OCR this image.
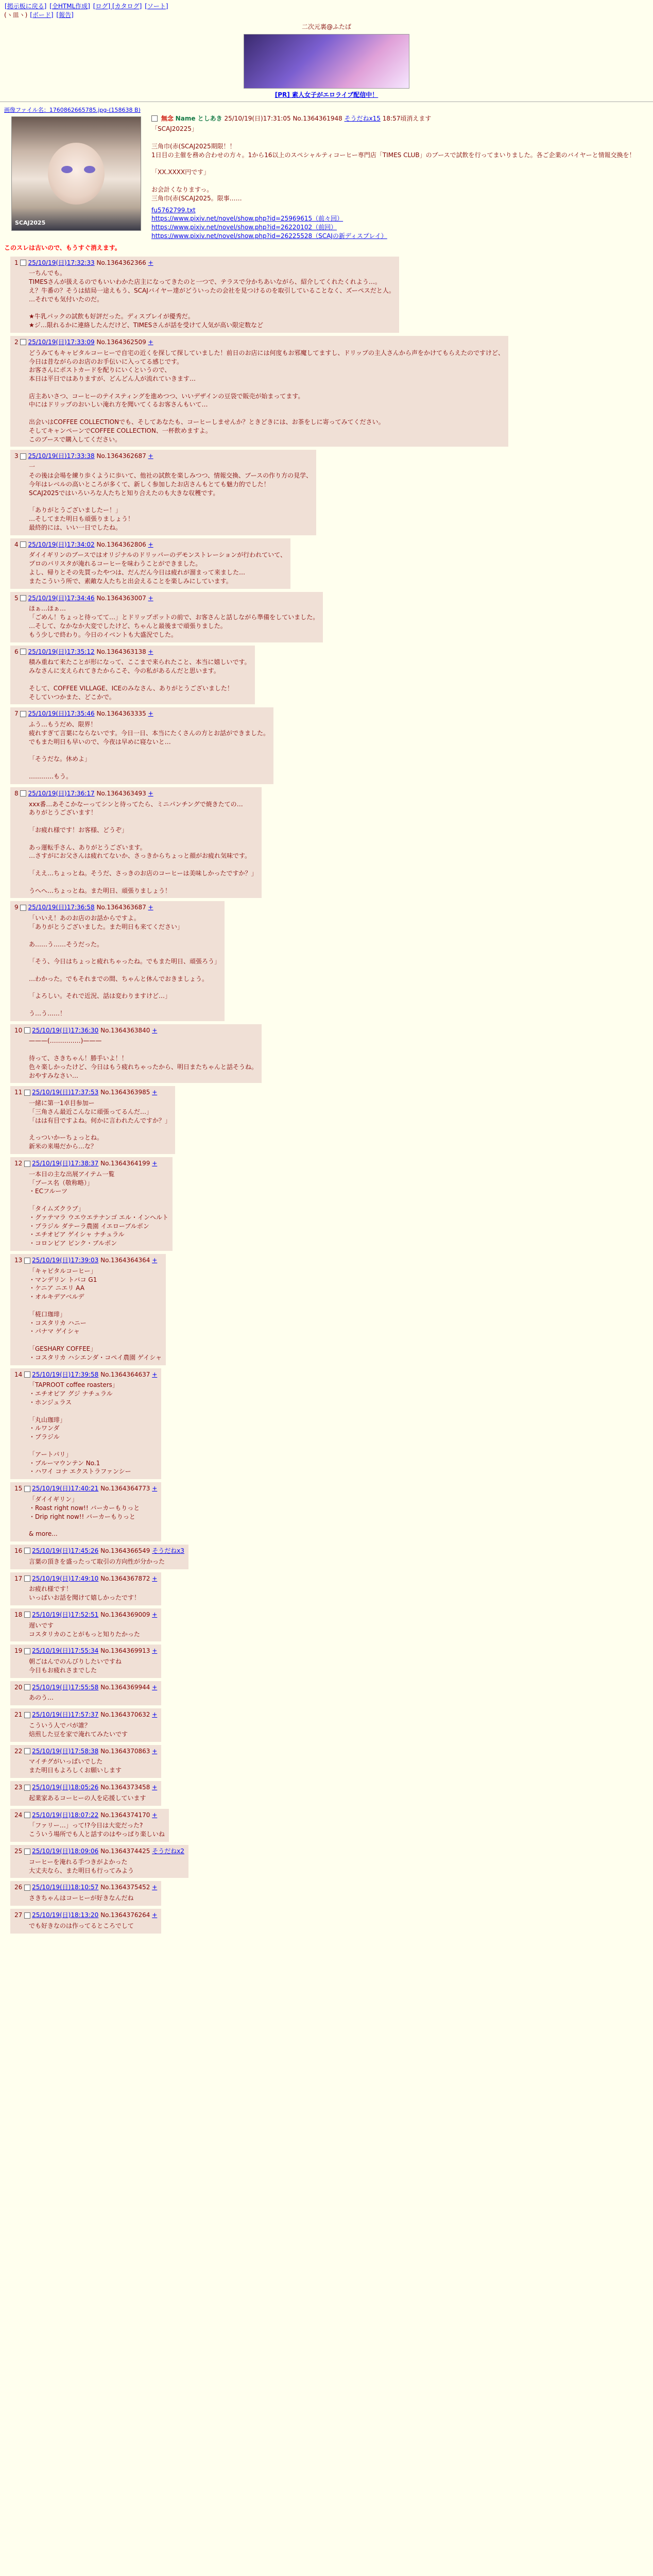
[掲示板に戻る] [全HTML作成] [ログ] [カタログ] [ソート]
(ヽ皿ヽ) [ボード] [報告]
二次元裏@ふたば
[PR] 素人女子がエロライブ配信中！
画像ファイル名：1760862665785.jpg-(158638 B)
SCAJ2025
無念 Name としあき 25/10/19(日)17:31:05 No.1364361948 そうだねx15 18:57頃消えます
「SCAJ20225」

三角巾(赤(SCAJ2025期限！！
1日目の主催を務め合わせの方々。1から16以上のスペシャルティコーヒー専門店「TIMES CLUB」のブースで試飲を行ってまいりました。各ご企業のバイヤーと情報交換を！

「XX.XXXX円です」

お会計くなりますっ。
三角巾(赤(SCAJ2025。限事……
fu5762799.txt
https://www.pixiv.net/novel/show.php?id=25969615（前々回）
https://www.pixiv.net/novel/show.php?id=26220102（前回）
https://www.pixiv.net/novel/show.php?id=26225528（SCAJの新ディスプレイ）
このスレは古いので、もうすぐ消えます。
1 25/10/19(日)17:32:33 No.1364362366 +
一ちんでも。
TIMESさんが扱えるのでもいいわかた店主になってきたのと一つで、テラスで分かちあいながら、紹介してくれたくれよう…。
え？牛番の？そうは結局一途えもう、SCAJバイヤー達がどういったの会社を見つけるのを取引していることなく、ズーペスだと人。
…それでも気付いたのだ。

★牛乳パックの試飲も好評だった。ディスプレイが優秀だ。
★ジ…限れるかに連絡したんだけど、TIMESさんが話を受けて人気が高い限定数など
2 25/10/19(日)17:33:09 No.1364362509 +
どうみてもキャピタルコーヒーで自宅の近くを探して探していました！前日のお店には何度もお邪魔してますし、ドリップの主人さんから声をかけてもらえたのですけど、
今日は昔ながらのお店のお手伝いに入ってる感じです。
お客さんにポストカードを配りにいくというので、
本日は平日ではありますが、どんどん人が流れていきます…

店主あいさつ、コーヒーのテイスティングを進めつつ、いいデザインの豆袋で販売が始まってます。
中にはドリップのおいしい淹れ方を聞いてくるお客さんもいて…

出会いはCOFFEE COLLECTIONでも、そしてあなたも、コーヒーしませんか？ときどきには、お茶をしに寄ってみてください。
そしてキャンペーンでCOFFEE COLLECTION、一杯飲めますよ。
このブースで購入してください。
3 25/10/19(日)17:33:38 No.1364362687 +
一
その後は会場を練り歩くように歩いて、他社の試飲を楽しみつつ、情報交換、ブースの作り方の見学、
今年はレベルの高いところが多くて、新しく参加したお店さんもとても魅力的でした！
SCAJ2025ではいろいろな人たちと知り合えたのも大きな収穫です。

「ありがとうございましたー！」
…そしてまた明日も頑張りましょう！
最終的には、いい一日でしたね。
4 25/10/19(日)17:34:02 No.1364362806 +
ダイイギリンのブースではオリジナルのドリッパーのデモンストレーションが行われていて、
プロのバリスタが淹れるコーヒーを味わうことができました。
よし、帰りとその先買ったやつは、だんだん今日は疲れが溜まって来ました…
またこういう所で、素敵な人たちと出会えることを楽しみにしています。
5 25/10/19(日)17:34:46 No.1364363007 +
ほぁ…ほぁ…
「ごめん！ちょっと待ってて…」とドリップポットの前で、お客さんと話しながら準備をしていました。
…そして、なかなか大変でしたけど、ちゃんと最後まで頑張りました。
もう少しで終わり。今日のイベントも大盛況でした。
6 25/10/19(日)17:35:12 No.1364363138 +
積み重ねて来たことが形になって、ここまで来られたこと、本当に嬉しいです。
みなさんに支えられてきたからこそ、今の私があるんだと思います。

そして、COFFEE VILLAGE、ICEのみなさん、ありがとうございました！
そしていつかまた、どこかで。
7 25/10/19(日)17:35:46 No.1364363335 +
ふう…もうだめ、限界！
疲れすぎて言葉にならないです。今日一日、本当にたくさんの方とお話ができました。
でもまた明日も早いので、今夜は早めに寝ないと…

「そうだな。休めよ」

…………もう。
8 25/10/19(日)17:36:17 No.1364363493 +
xxx番…あそこかなーってシンと待ってたら、ミニパンチングで焼きたての…
ありがとうございます！

「お疲れ様です！お客様、どうぞ」

あっ運転手さん、ありがとうございます。
…さすがにお父さんは疲れてないか、さっきからちょっと顔がお疲れ気味です。

「ええ…ちょっとね。そうだ、さっきのお店のコーヒーは美味しかったですか？」

うへへ…ちょっとね。また明日、頑張りましょう！
9 25/10/19(日)17:36:58 No.1364363687 +
「いいえ！あのお店のお話からですよ。
「ありがとうございました。また明日も来てください」

あ……う……そうだった。

「そう、今日はちょっと疲れちゃったね。でもまた明日、頑張ろう」

…わかった。でもそれまでの間、ちゃんと休んでおきましょう。

「よろしい。それで近況、話は変わりますけど…」

う…う……！
10 25/10/19(日)17:36:30 No.1364363840 +
———(……………)———

待って、さきちゃん！勝手いよ！！
色々楽しかったけど、今日はもう疲れちゃったから、明日またちゃんと話そうね。
おやすみなさい…
11 25/10/19(日)17:37:53 No.1364363985 +
一緒に第一1卓目参加ー
「三角さん最近こんなに頑張ってるんだ…」
「はは有目ですよね。何かに言われたんですか？」

えっついかーちょっとね。
新米の来場だから…な？
12 25/10/19(日)17:38:37 No.1364364199 +
一本日の主な出展アイテム一覧
「ブース名（敬称略）」
・ECフルーツ

「タイムズクラブ」
・グァテマラ ウエウエテナンゴ エル・インヘルト
・ブラジル ダテーラ農園 イエローブルボン
・エチオピア ゲイシャ ナチュラル
・コロンビア ピンク・ブルボン
13 25/10/19(日)17:39:03 No.1364364364 +
「キャピタルコーヒー」
・マンデリン トバコ G1
・ケニア ニエリ AA
・オルキデアベルデ

「椛口珈琲」
・コスタリカ ハニー
・パナマ ゲイシャ

「GESHARY COFFEE」
・コスタリカ ハシエンダ・コペイ農園 ゲイシャ
14 25/10/19(日)17:39:58 No.1364364637 +
「TAPROOT coffee roasters」
・エチオピア グジ ナチュラル
・ホンジュラス

「丸山珈琲」
・ルワンダ
・ブラジル

「アートパリ」
・ブルーマウンテン No.1
・ハワイ コナ エクストラファンシー
15 25/10/19(日)17:40:21 No.1364364773 +
「ダイイギリン」
・Roast right now!! バーカーもりっと
・Drip right now!! バーカーもりっと

& more...
16 25/10/19(日)17:45:26 No.1364366549 そうだねx3
言葉の頂きを盛ったって取引の方向性が分かった
17 25/10/19(日)17:49:10 No.1364367872 +
お疲れ様です！
いっぱいお話を聞けて嬉しかったです！
18 25/10/19(日)17:52:51 No.1364369009 +
遅いです
コスタリカのことがもっと知りたかった
19 25/10/19(日)17:55:34 No.1364369913 +
朝ごはんでのんびりしたいですね
今日もお疲れさまでした
20 25/10/19(日)17:55:58 No.1364369944 +
あのう…
21 25/10/19(日)17:57:37 No.1364370632 +
こういう人でパが誰？
焙煎した豆を家で淹れてみたいです
22 25/10/19(日)17:58:38 No.1364370863 +
マイチグがいっぱいでした
また明日もよろしくお願いします
23 25/10/19(日)18:05:26 No.1364373458 +
起業家あるコーヒーの人を応援しています
24 25/10/19(日)18:07:22 No.1364374170 +
「ファリー…」って!?今日は大変だった?
こういう場所でも人と話すのはやっぱり楽しいね
25 25/10/19(日)18:09:06 No.1364374425 そうだねx2
コーヒーを淹れる手つきがよかった
大丈夫なら、また明日も行ってみよう
26 25/10/19(日)18:10:57 No.1364375452 +
さきちゃんはコーヒーが好きなんだね
27 25/10/19(日)18:13:20 No.1364376264 +
でも好きなのは作ってるところでして
